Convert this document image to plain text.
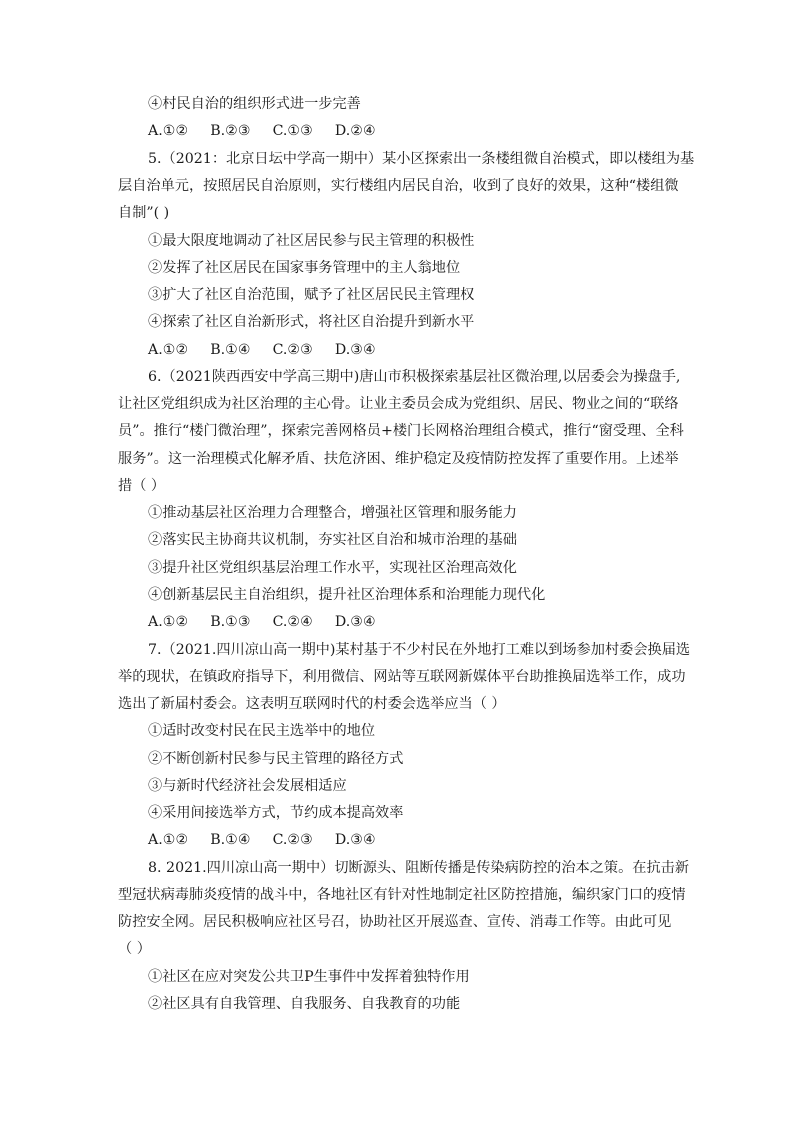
④村民自治的组织形式进一步完善
A.①② B.②③ C.①③ D.②④
5.（2021：北京日坛中学高一期中）某小区探索出一条楼组微自治模式，即以楼组为基
层自治单元，按照居民自治原则，实行楼组内居民自治，收到了良好的效果，这种“楼组微
自制”( )
①最大限度地调动了社区居民参与民主管理的积极性
②发挥了社区居民在国家事务管理中的主人翁地位
③扩大了社区自治范围，赋予了社区居民民主管理权
④探索了社区自治新形式，将社区自治提升到新水平
A.①② B.①④ C.②③ D.③④
6.（2021陕西西安中学高三期中)唐山市积极探索基层社区微治理,以居委会为操盘手,
让社区党组织成为社区治理的主心骨。让业主委员会成为党组织、居民、物业之间的“联络
员”。推行“楼门微治理”，探索完善网格员+楼门长网格治理组合模式，推行“窗受理、全科
服务”。这一治理模式化解矛盾、扶危济困、维护稳定及疫情防控发挥了重要作用。上述举
措（ ）
①推动基层社区治理力合理整合，增强社区管理和服务能力
②落实民主协商共议机制，夯实社区自治和城市治理的基础
③提升社区党组织基层治理工作水平，实现社区治理高效化
④创新基层民主自治组织，提升社区治理体系和治理能力现代化
A.①② B.①③ C.②④ D.③④
7.（2021.四川凉山高一期中)某村基于不少村民在外地打工难以到场参加村委会换届选
举的现状，在镇政府指导下，利用微信、网站等互联网新媒体平台助推换届选举工作，成功
选出了新届村委会。这表明互联网时代的村委会选举应当（ ）
①适时改变村民在民主选举中的地位
②不断创新村民参与民主管理的路径方式
③与新时代经济社会发展相适应
④采用间接选举方式，节约成本提高效率
A.①② B.①④ C.②③ D.③④
8. 2021.四川凉山高一期中）切断源头、阻断传播是传染病防控的治本之策。在抗击新
型冠状病毒肺炎疫情的战斗中，各地社区有针对性地制定社区防控措施，编织家门口的疫情
防控安全网。居民积极响应社区号召，协助社区开展巡查、宣传、消毒工作等。由此可见
（ ）
①社区在应对突发公共卫P生事件中发挥着独特作用
②社区具有自我管理、自我服务、自我教育的功能
